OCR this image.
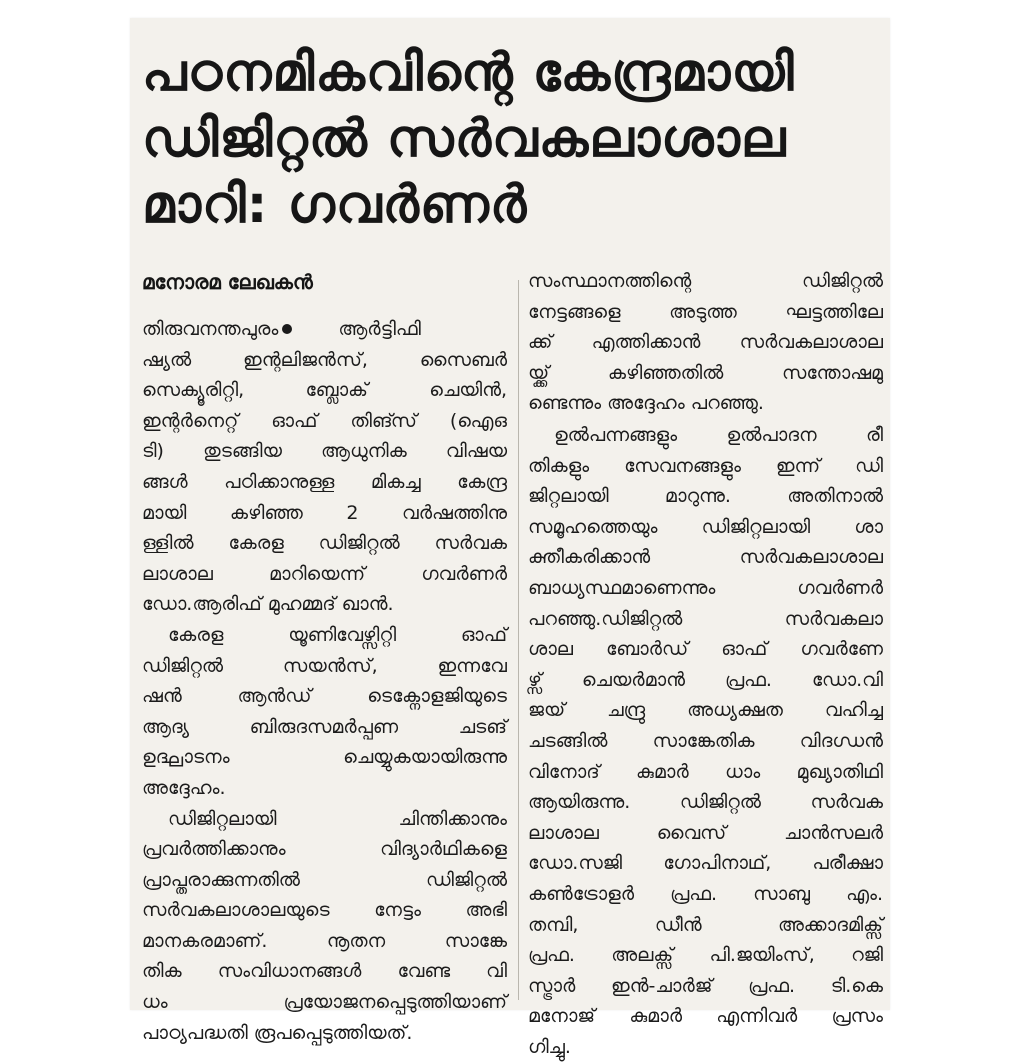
പഠനമികവിന്റെ കേന്ദ്രമായി
ഡിജിറ്റൽ സർവകലാശാല
മാറി: ഗവർണർ
മനോരമ ലേഖകൻ
തിരുവനന്തപുരം	ആർട്ടിഫി
ഷ്യൽ ഇന്റലിജൻസ്, സൈബർ
സെക്യൂരിറ്റി, ബ്ലോക് ചെയിൻ,
ഇന്റർനെറ്റ് ഓഫ് തിങ്സ് (ഐഒ
ടി) തുടങ്ങിയ ആധുനിക വിഷയ
ങ്ങൾ പഠിക്കാനുള്ള മികച്ച കേന്ദ്ര
മായി കഴിഞ്ഞ 2 വർഷത്തിനു
ള്ളിൽ കേരള ഡിജിറ്റൽ സർവക
ലാശാല മാറിയെന്ന് ഗവർണർ
ഡോ.ആരിഫ് മുഹമ്മദ് ഖാൻ.
കേരള യൂണിവേഴ്സിറ്റി ഓഫ്
ഡിജിറ്റൽ സയൻസ്, ഇന്നവേ
ഷൻ ആൻഡ് ടെക്നോളജിയുടെ
ആദ്യ ബിരുദസമർപ്പണ ചടങ്
ഉദ്ഘാടനം ചെയ്യുകയായിരുന്നു
അദ്ദേഹം.
ഡിജിറ്റലായി ചിന്തിക്കാനും
പ്രവർത്തിക്കാനും വിദ്യാർഥികളെ
പ്രാപ്തരാക്കുന്നതിൽ ഡിജിറ്റൽ
സർവകലാശാലയുടെ നേട്ടം അഭി
മാനകരമാണ്. നൂതന സാങ്കേ
തിക സംവിധാനങ്ങൾ വേണ്ട വി
ധം പ്രയോജനപ്പെടുത്തിയാണ്
പാഠ്യപദ്ധതി രൂപപ്പെടുത്തിയത്.
സംസ്ഥാനത്തിന്റെ ഡിജിറ്റൽ
നേട്ടങ്ങളെ അടുത്ത ഘട്ടത്തിലേ
ക്ക് എത്തിക്കാൻ സർവകലാശാല
യ്ക്ക് കഴിഞ്ഞതിൽ സന്തോഷമു
ണ്ടെന്നും അദ്ദേഹം പറഞ്ഞു.
ഉൽപന്നങ്ങളും ഉൽപാദന രീ
തികളും സേവനങ്ങളും ഇന്ന് ഡി
ജിറ്റലായി മാറുന്നു. അതിനാൽ
സമൂഹത്തെയും ഡിജിറ്റലായി ശാ
ക്തീകരിക്കാൻ സർവകലാശാല
ബാധ്യസ്ഥമാണെന്നും ഗവർണർ
പറഞ്ഞു.ഡിജിറ്റൽ സർവകലാ
ശാല ബോർഡ് ഓഫ് ഗവർണേ
ഴ്സ് ചെയർമാൻ പ്രഫ. ഡോ.വി
ജയ് ചന്ദ്രു അധ്യക്ഷത വഹിച്ച
ചടങ്ങിൽ സാങ്കേതിക വിദഗ്ധൻ
വിനോദ് കുമാർ ധാം മുഖ്യാതിഥി
ആയിരുന്നു. ഡിജിറ്റൽ സർവക
ലാശാല വൈസ് ചാൻസലർ
ഡോ.സജി ഗോപിനാഥ്, പരീക്ഷാ
കൺട്രോളർ പ്രഫ. സാബു എം.
തമ്പി, ഡീൻ അക്കാദമിക്സ്
പ്രഫ. അലക്സ് പി.ജയിംസ്, റജി
സ്ട്രാർ ഇൻ-ചാർജ് പ്രഫ. ടി.കെ
മനോജ് കുമാർ എന്നിവർ പ്രസം
ഗിച്ചു.
